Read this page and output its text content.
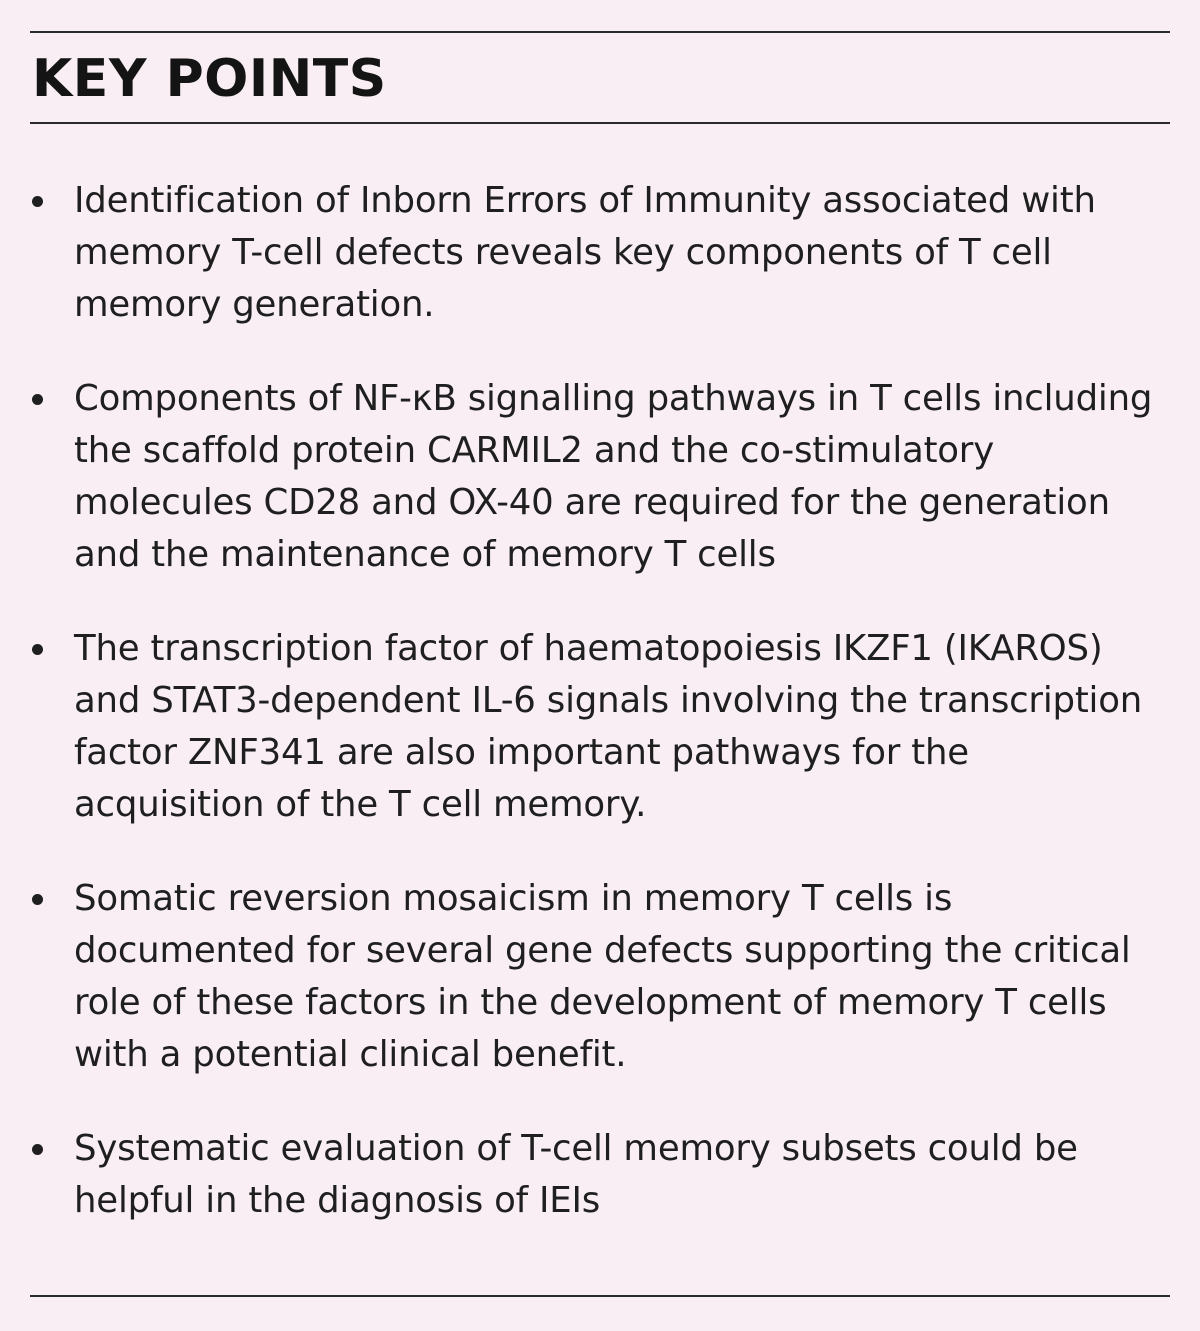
KEY POINTS
Identification of Inborn Errors of Immunity associated with memory T-cell defects reveals key components of T cell memory generation.
Components of NF-κB signalling pathways in T cells including the scaffold protein CARMIL2 and the co-stimulatory molecules CD28 and OX-40 are required for the generation and the maintenance of memory T cells
The transcription factor of haematopoiesis IKZF1 (IKAROS) and STAT3-dependent IL-6 signals involving the transcription factor ZNF341 are also important pathways for the acquisition of the T cell memory.
Somatic reversion mosaicism in memory T cells is documented for several gene defects supporting the critical role of these factors in the development of memory T cells with a potential clinical benefit.
Systematic evaluation of T-cell memory subsets could be helpful in the diagnosis of IEIs
